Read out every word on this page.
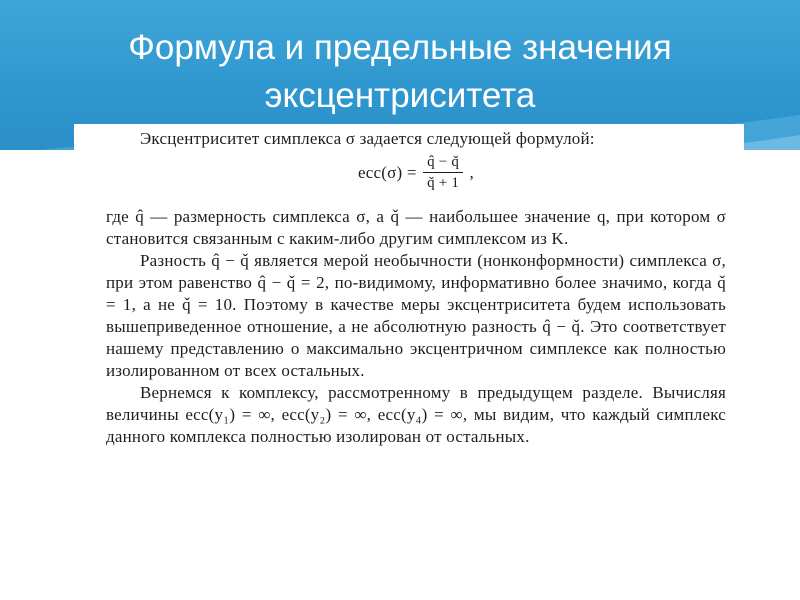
Формула и предельные значения
эксцентриситета

Эксцентриситет симплекса σ задается следующей формулой:

$ecc(\sigma) = \frac{q̂ - q̌}{q̌ + 1}$ ,

где q̂ — размерность симплекса σ, а q̌ — наибольшее значение q, при котором σ становится связанным с каким-либо другим симплексом из K.

Разность q̂ − q̌ является мерой необычности (нонконформности) симплекса σ, при этом равенство q̂ − q̌ = 2, по-видимому, информативно более значимо, когда q̌ = 1, а не q̌ = 10. Поэтому в качестве меры эксцентриситета будем использовать вышеприведенное отношение, а не абсолютную разность q̂ − q̌. Это соответствует нашему представлению о максимально эксцентричном симплексе как полностью изолированном от всех остальных.

Вернемся к комплексу, рассмотренному в предыдущем разделе. Вычисляя величины ecc(y₁) = ∞, ecc(y₂) = ∞, ecc(y₄) = ∞, мы видим, что каждый симплекс данного комплекса полностью изолирован от остальных.
